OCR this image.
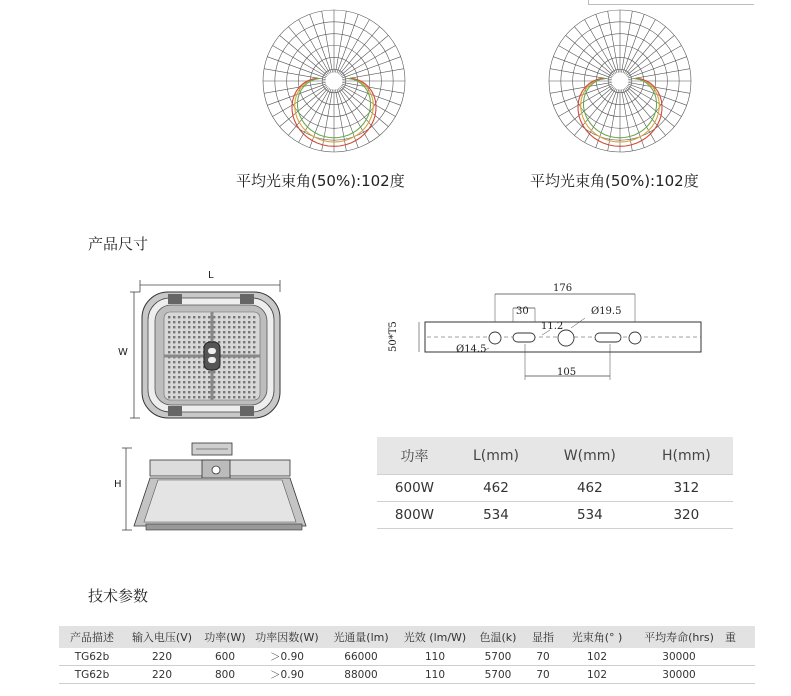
平均光束角(50%):102度	平均光束角(50%):102度
产品尺寸
L
W
H
176
30
11.2
Ø19.5
Ø14.5
105
50*T5
功率	L(mm)	W(mm)	H(mm)
600W	462	462	312
800W	534	534	320
技术参数
产品描述	输入电压(V)	功率(W)	功率因数(W)	光通量(lm)	光效 (lm/W)	色温(k)	显指	光束角(° )	平均寿命(hrs)	重
TG62b	220	600	＞0.90	66000	110	5700	70	102	30000	
TG62b	220	800	＞0.90	88000	110	5700	70	102	30000	
